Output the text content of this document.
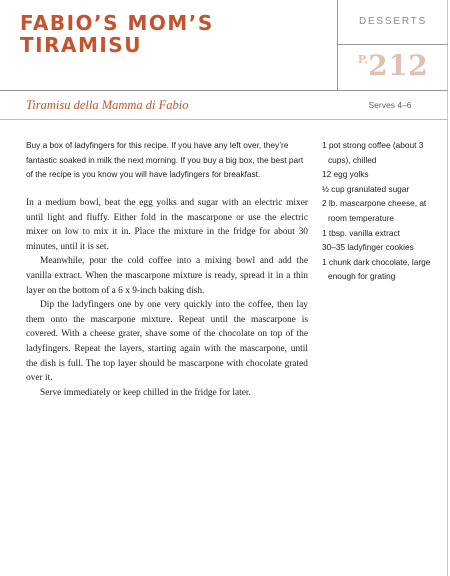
FABIO’S MOM’S
TIRAMISU
DESSERTS
$^{P.}$212
Tiramisu della Mamma di Fabio	Serves 4–6

Buy a box of ladyfingers for this recipe. If you have any left over, they’re fantastic soaked in milk the next morning. If you buy a big box, the best part of the recipe is you know you will have ladyfingers for breakfast.

In a medium bowl, beat the egg yolks and sugar with an electric mixer until light and fluffy. Either fold in the mascarpone or use the electric mixer on low to mix it in. Place the mixture in the fridge for about 30 minutes, until it is set.

Meanwhile, pour the cold coffee into a mixing bowl and add the vanilla extract. When the mascarpone mixture is ready, spread it in a thin layer on the bottom of a 6 x 9-inch baking dish.

Dip the ladyfingers one by one very quickly into the coffee, then lay them onto the mascarpone mixture. Repeat until the mascarpone is covered. With a cheese grater, shave some of the chocolate on top of the ladyfingers. Repeat the layers, starting again with the mascarpone, until the dish is full. The top layer should be mascarpone with chocolate grated over it.

Serve immediately or keep chilled in the fridge for later.

1 pot strong coffee (about 3 cups), chilled
12 egg yolks
½ cup granulated sugar
2 lb. mascarpone cheese, at room temperature
1 tbsp. vanilla extract
30–35 ladyfinger cookies
1 chunk dark chocolate, large enough for grating
